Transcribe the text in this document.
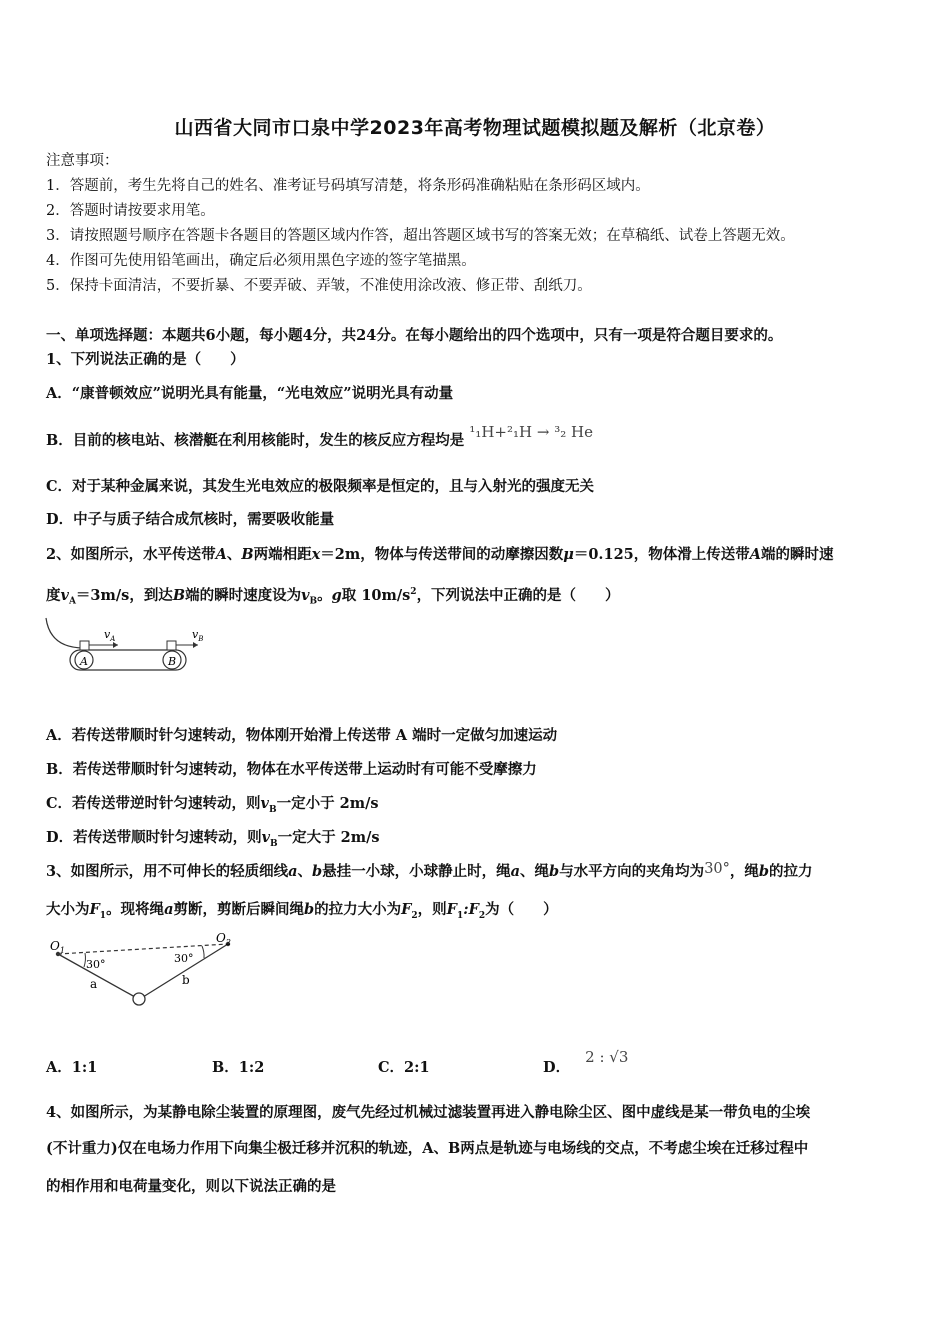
山西省大同市口泉中学2023年高考物理试题模拟题及解析（北京卷）
注意事项：
1．答题前，考生先将自己的姓名、准考证号码填写清楚，将条形码准确粘贴在条形码区域内。
2．答题时请按要求用笔。
3．请按照题号顺序在答题卡各题目的答题区域内作答，超出答题区域书写的答案无效；在草稿纸、试卷上答题无效。
4．作图可先使用铅笔画出，确定后必须用黑色字迹的签字笔描黑。
5．保持卡面清洁，不要折暴、不要弄破、弄皱，不准使用涂改液、修正带、刮纸刀。
一、单项选择题：本题共6小题，每小题4分，共24分。在每小题给出的四个选项中，只有一项是符合题目要求的。
1、下列说法正确的是（　　）
A．“康普顿效应”说明光具有能量，“光电效应”说明光具有动量
B．目前的核电站、核潜艇在利用核能时，发生的核反应方程均是 ¹₁H+²₁H → ³₂ He
C．对于某种金属来说，其发生光电效应的极限频率是恒定的，且与入射光的强度无关
D．中子与质子结合成氘核时，需要吸收能量
2、如图所示，水平传送带A、B两端相距x＝2m，物体与传送带间的动摩擦因数μ＝0.125，物体滑上传送带A端的瞬时速
度$v_A=3m/s$，到达B端的瞬时速度设为$v_B$。g取 $10m/s^2$，下列说法中正确的是（　　）
A	B
$v_A$	$v_B$
A．若传送带顺时针匀速转动，物体刚开始滑上传送带 A 端时一定做匀加速运动
B．若传送带顺时针匀速转动，物体在水平传送带上运动时有可能不受摩擦力
C．若传送带逆时针匀速转动，则$v_B$一定小于 2m/s
D．若传送带顺时针匀速转动，则$v_B$一定大于 2m/s
3、如图所示，用不可伸长的轻质细线a、b悬挂一小球，小球静止时，绳a、绳b与水平方向的夹角均为30°，绳b的拉力
大小为$F_1$。现将绳a剪断，剪断后瞬间绳b的拉力大小为$F_2$，则$F_1:F_2$为（　　）
$O_1$
$O_2$
30°	30°
a	b
A．1:1	B．1:2	C．2:1	D． 2 : √3
4、如图所示，为某静电除尘装置的原理图，废气先经过机械过滤装置再进入静电除尘区、图中虚线是某一带负电的尘埃
(不计重力)仅在电场力作用下向集尘极迁移并沉积的轨迹，A、B两点是轨迹与电场线的交点，不考虑尘埃在迁移过程中
的相作用和电荷量变化，则以下说法正确的是
